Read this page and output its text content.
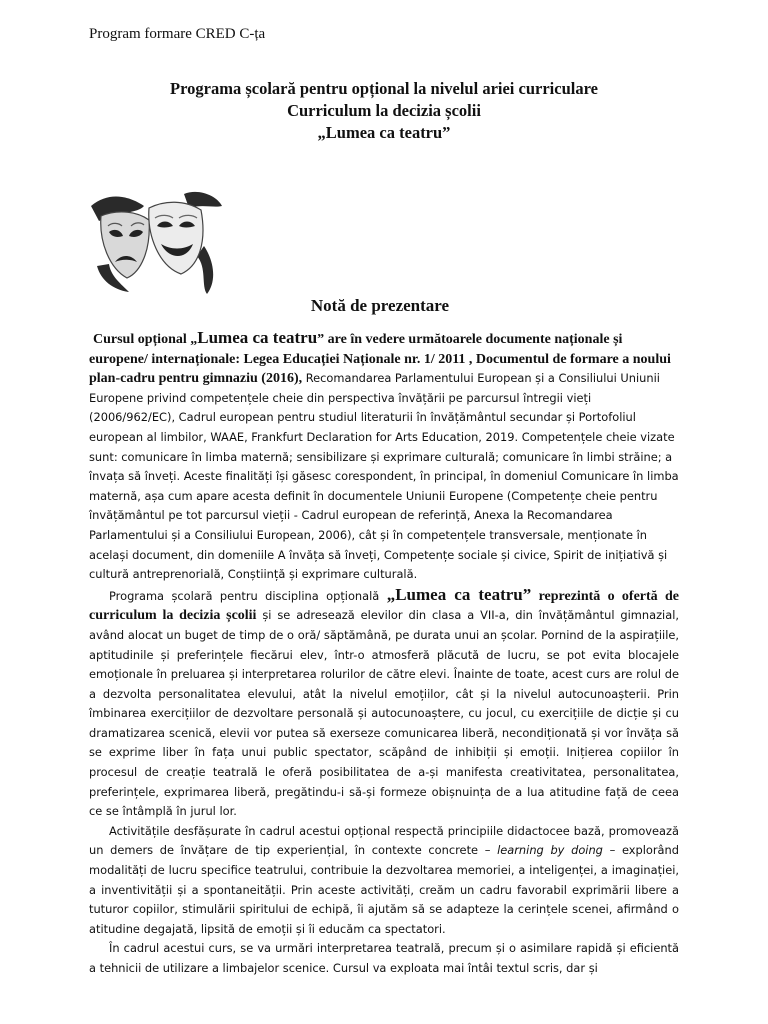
Program formare CRED C-ța
Programa școlară pentru opțional la nivelul ariei curriculare
Curriculum la decizia școlii
„Lumea ca teatru”
Notă de prezentare

Cursul opțional „Lumea ca teatru” are în vedere următoarele documente naționale și europene/ internaționale: Legea Educației Naționale nr. 1/ 2011 , Documentul de formare a noului plan-cadru pentru gimnaziu (2016), Recomandarea Parlamentului European și a Consiliului Uniunii Europene privind competențele cheie din perspectiva învățării pe parcursul întregii vieți (2006/962/EC), Cadrul european pentru studiul literaturii în învățământul secundar și Portofoliul european al limbilor, WAAE, Frankfurt Declaration for Arts Education, 2019. Competențele cheie vizate sunt: comunicare în limba maternă; sensibilizare și exprimare culturală; comunicare în limbi străine; a învața să înveți. Aceste finalități își găsesc corespondent, în principal, în domeniul Comunicare în limba maternă, așa cum apare acesta definit în documentele Uniunii Europene (Competențe cheie pentru învățământul pe tot parcursul vieții - Cadrul european de referință, Anexa la Recomandarea Parlamentului și a Consiliului European, 2006), cât și în competențele transversale, menționate în același document, din domeniile A învăța să înveți, Competențe sociale și civice, Spirit de inițiativă și cultură antreprenorială, Conștiință și exprimare culturală.

Programa școlară pentru disciplina opțională „Lumea ca teatru” reprezintă o ofertă de curriculum la decizia școlii și se adresează elevilor din clasa a VII-a, din învățământul gimnazial, având alocat un buget de timp de o oră/ săptămână, pe durata unui an școlar. Pornind de la aspirațiile, aptitudinile și preferințele fiecărui elev, într-o atmosferă plăcută de lucru, se pot evita blocajele emoționale în preluarea și interpretarea rolurilor de către elevi. Înainte de toate, acest curs are rolul de a dezvolta personalitatea elevului, atât la nivelul emoțiilor, cât și la nivelul autocunoașterii. Prin îmbinarea exercițiilor de dezvoltare personală și autocunoaștere, cu jocul, cu exercițiile de dicție și cu dramatizarea scenică, elevii vor putea să exerseze comunicarea liberă, necondiționată și vor învăța să se exprime liber în fața unui public spectator, scăpând de inhibiții și emoții. Inițierea copiilor în procesul de creație teatrală le oferă posibilitatea de a-și manifesta creativitatea, personalitatea, preferințele, exprimarea liberă, pregătindu-i să-și formeze obișnuința de a lua atitudine față de ceea ce se întâmplă în jurul lor.

Activitățile desfășurate în cadrul acestui opțional respectă principiile didactocee bază, promovează un demers de învățare de tip experiențial, în contexte concrete – learning by doing – explorând modalități de lucru specifice teatrului, contribuie la dezvoltarea memoriei, a inteligenței, a imaginației, a inventivității și a spontaneității. Prin aceste activități, creăm un cadru favorabil exprimării libere a tuturor copiilor, stimulării spiritului de echipă, îi ajutăm să se adapteze la cerințele scenei, afirmând o atitudine degajată, lipsită de emoții și îi educăm ca spectatori.

În cadrul acestui curs, se va urmări interpretarea teatrală, precum și o asimilare rapidă și eficientă a tehnicii de utilizare a limbajelor scenice. Cursul va exploata mai întâi textul scris, dar și
